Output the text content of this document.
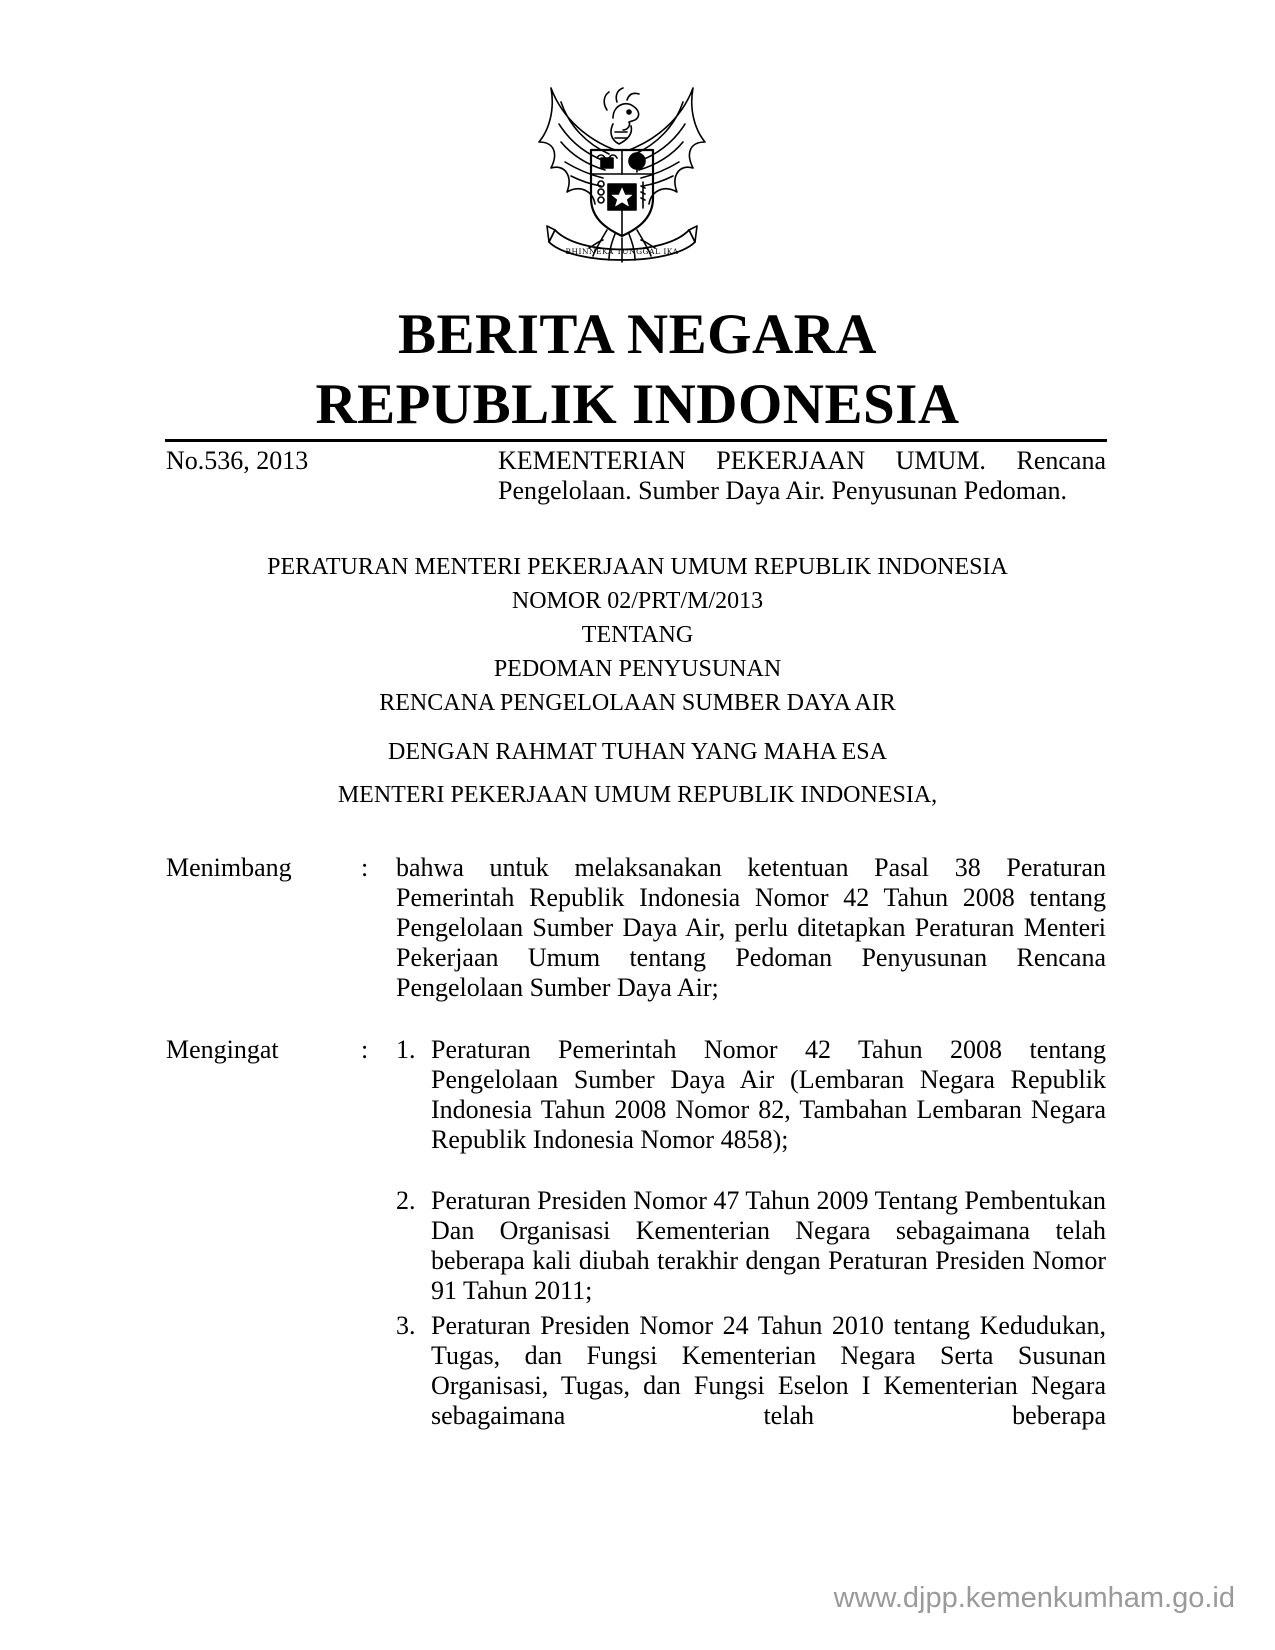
BHINNEKA TUNGGAL IKA
BERITA NEGARA
REPUBLIK INDONESIA
No.536, 2013	KEMENTERIAN PEKERJAAN UMUM. Rencana Pengelolaan. Sumber Daya Air. Penyusunan Pedoman.
PERATURAN MENTERI PEKERJAAN UMUM REPUBLIK INDONESIA
NOMOR 02/PRT/M/2013
TENTANG
PEDOMAN PENYUSUNAN
RENCANA PENGELOLAAN SUMBER DAYA AIR
DENGAN RAHMAT TUHAN YANG MAHA ESA
MENTERI PEKERJAAN UMUM REPUBLIK INDONESIA,
Menimbang	: bahwa untuk melaksanakan ketentuan Pasal 38 Peraturan Pemerintah Republik Indonesia Nomor 42 Tahun 2008 tentang Pengelolaan Sumber Daya Air, perlu ditetapkan Peraturan Menteri Pekerjaan Umum tentang Pedoman Penyusunan Rencana Pengelolaan Sumber Daya Air;
Mengingat	: 1. Peraturan Pemerintah Nomor 42 Tahun 2008 tentang Pengelolaan Sumber Daya Air (Lembaran Negara Republik Indonesia Tahun 2008 Nomor 82, Tambahan Lembaran Negara Republik Indonesia Nomor 4858);
2. Peraturan Presiden Nomor 47 Tahun 2009 Tentang Pembentukan Dan Organisasi Kementerian Negara sebagaimana telah beberapa kali diubah terakhir dengan Peraturan Presiden Nomor 91 Tahun 2011;
3. Peraturan Presiden Nomor 24 Tahun 2010 tentang Kedudukan, Tugas, dan Fungsi Kementerian Negara Serta Susunan Organisasi, Tugas, dan Fungsi Eselon I Kementerian Negara sebagaimana telah beberapa
www.djpp.kemenkumham.go.id
